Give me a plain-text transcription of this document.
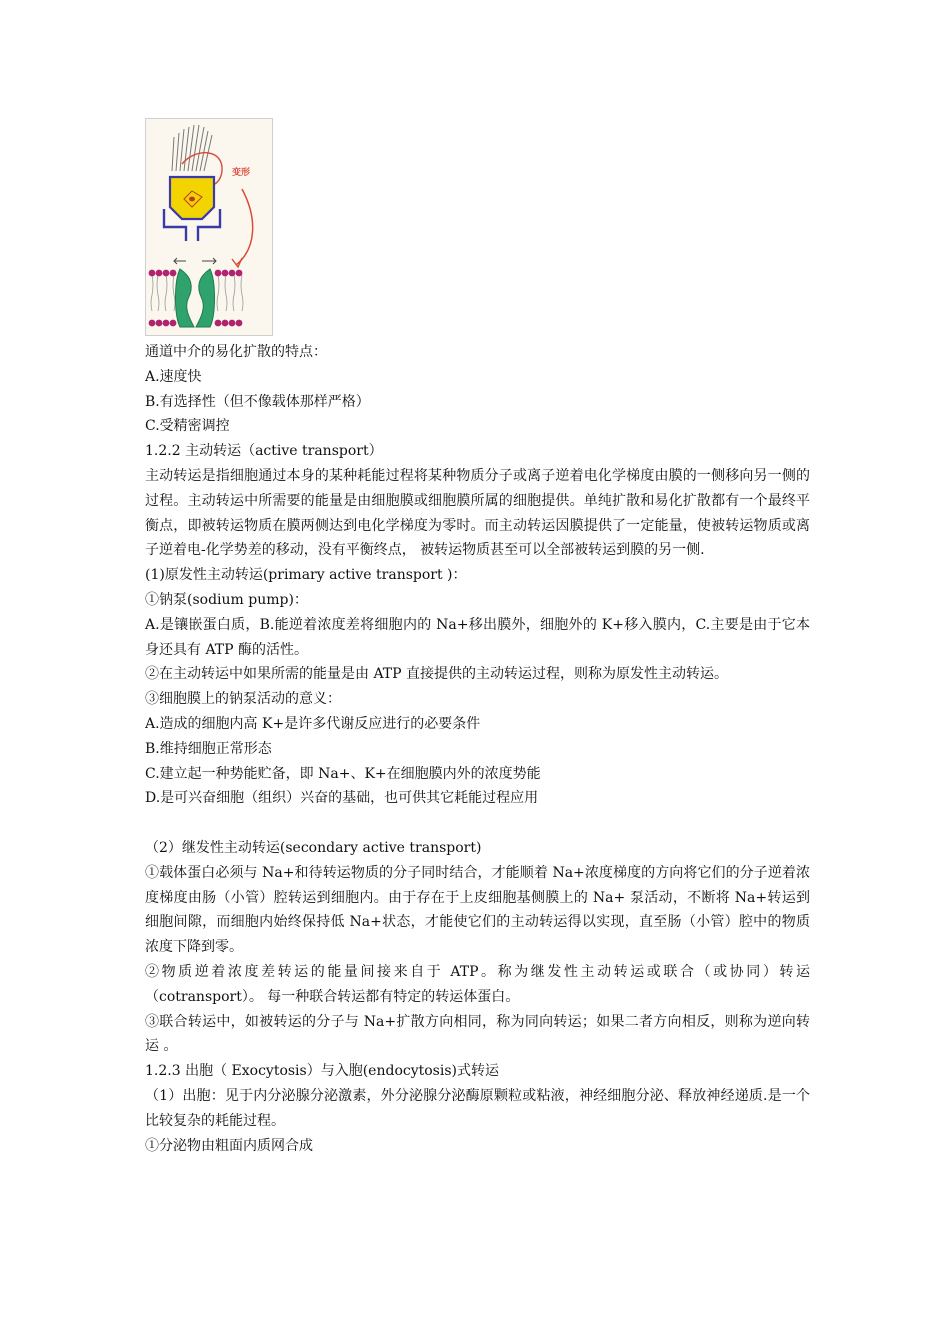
变形

通道中介的易化扩散的特点：

A.速度快

B.有选择性（但不像载体那样严格）

C.受精密调控

1.2.2 主动转运（active transport）

主动转运是指细胞通过本身的某种耗能过程将某种物质分子或离子逆着电化学梯度由膜的一侧移向另一侧的过程。主动转运中所需要的能量是由细胞膜或细胞膜所属的细胞提供。单纯扩散和易化扩散都有一个最终平衡点，即被转运物质在膜两侧达到电化学梯度为零时。而主动转运因膜提供了一定能量，使被转运物质或离子逆着电-化学势差的移动，没有平衡终点， 被转运物质甚至可以全部被转运到膜的另一侧.

(1)原发性主动转运(primary active transport )：

①钠泵(sodium pump)：

A.是镶嵌蛋白质，B.能逆着浓度差将细胞内的 Na+移出膜外，细胞外的 K+移入膜内，C.主要是由于它本身还具有 ATP 酶的活性。

②在主动转运中如果所需的能量是由 ATP 直接提供的主动转运过程，则称为原发性主动转运。

③细胞膜上的钠泵活动的意义：

A.造成的细胞内高 K+是许多代谢反应进行的必要条件

B.维持细胞正常形态

C.建立起一种势能贮备，即 Na+、K+在细胞膜内外的浓度势能

D.是可兴奋细胞（组织）兴奋的基础，也可供其它耗能过程应用

（2）继发性主动转运(secondary active transport)

①载体蛋白必须与 Na+和待转运物质的分子同时结合，才能顺着 Na+浓度梯度的方向将它们的分子逆着浓度梯度由肠（小管）腔转运到细胞内。由于存在于上皮细胞基侧膜上的 Na+ 泵活动，不断将 Na+转运到细胞间隙，而细胞内始终保持低 Na+状态，才能使它们的主动转运得以实现，直至肠（小管）腔中的物质浓度下降到零。

②物质逆着浓度差转运的能量间接来自于 ATP。称为继发性主动转运或联合（或协同）转运（cotransport）。 每一种联合转运都有特定的转运体蛋白。

③联合转运中，如被转运的分子与 Na+扩散方向相同，称为同向转运；如果二者方向相反，则称为逆向转运 。

1.2.3 出胞（ Exocytosis）与入胞(endocytosis)式转运

（1）出胞：见于内分泌腺分泌激素，外分泌腺分泌酶原颗粒或粘液，神经细胞分泌、释放神经递质.是一个比较复杂的耗能过程。

①分泌物由粗面内质网合成
